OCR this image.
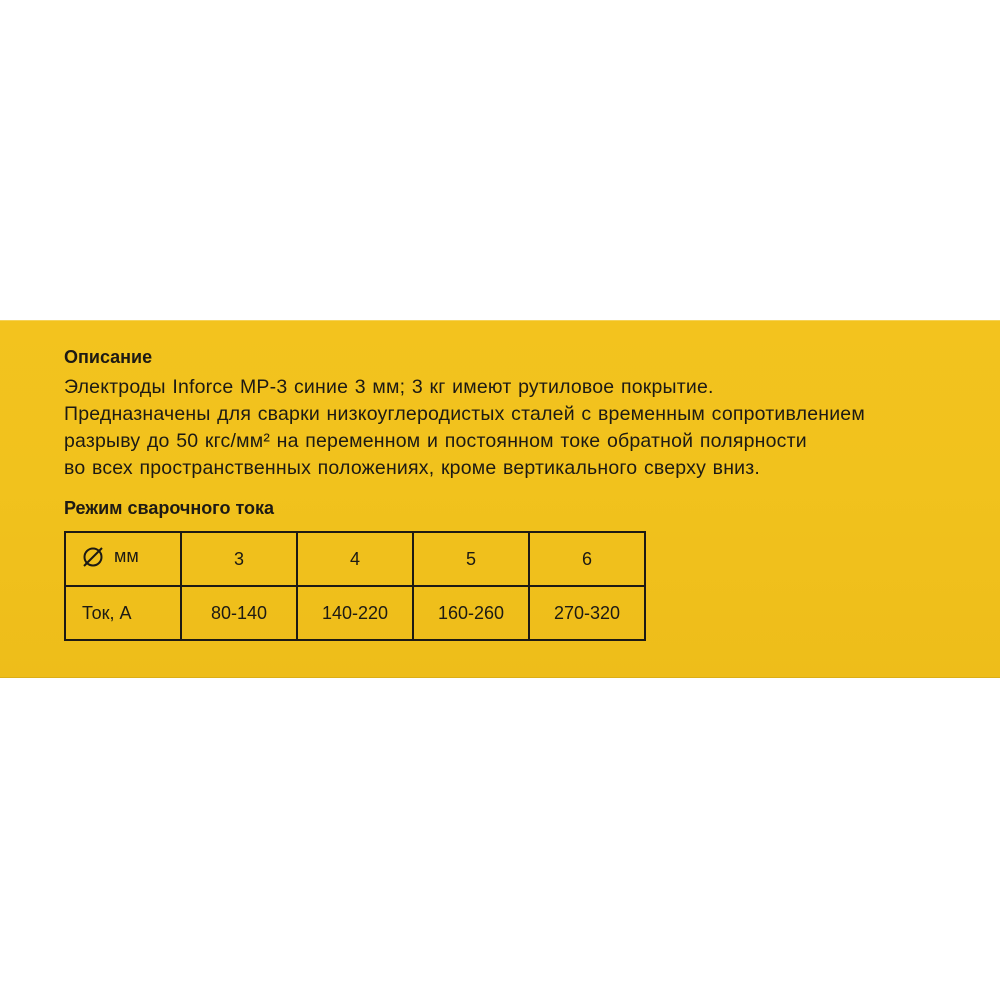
Описание
Электроды Inforce MP-3 синие 3 мм; 3 кг имеют рутиловое покрытие.
Предназначены для сварки низкоуглеродистых сталей с временным сопротивлением
разрыву до 50 кгс/мм² на переменном и постоянном токе обратной полярности
во всех пространственных положениях, кроме вертикального сверху вниз.
Режим сварочного тока
мм	3	4	5	6
Ток, А	80-140	140-220	160-260	270-320
